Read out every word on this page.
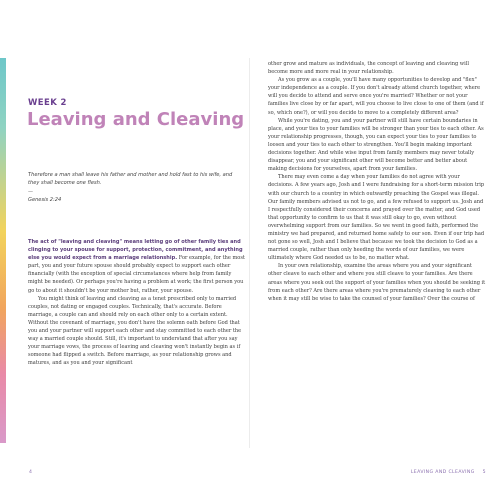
WEEK 2
Leaving and Cleaving

Therefore a man shall leave his father and mother and hold fast to his wife, and they shall become one flesh.

—
Genesis 2:24

The act of "leaving and cleaving" means letting go of other family ties and clinging to your spouse for support, protection, commitment, and anything else you would expect from a marriage relationship. For example, for the most part, you and your future spouse should probably expect to support each other financially (with the exception of special circumstances where help from family might be needed). Or perhaps you're having a problem at work; the first person you go to about it shouldn't be your mother but, rather, your spouse.

You might think of leaving and cleaving as a tenet prescribed only to married couples, not dating or engaged couples. Technically, that's accurate. Before marriage, a couple can and should rely on each other only to a certain extent. Without the covenant of marriage, you don't have the solemn oath before God that you and your partner will support each other and stay committed to each other the way a married couple should. Still, it's important to understand that after you say your marriage vows, the process of leaving and cleaving won't instantly begin as if someone had flipped a switch. Before marriage, as your relationship grows and matures, and as you and your significant

4

other grow and mature as individuals, the concept of leaving and cleaving will become more and more real in your relationship.

As you grow as a couple, you'll have many opportunities to develop and "flex" your independence as a couple. If you don't already attend church together, where will you decide to attend and serve once you're married? Whether or not your families live close by or far apart, will you choose to live close to one of them (and if so, which one?), or will you decide to move to a completely different area?

While you're dating, you and your partner will still have certain boundaries in place, and your ties to your families will be stronger than your ties to each other. As your relationship progresses, though, you can expect your ties to your families to loosen and your ties to each other to strengthen. You'll begin making important decisions together. And while wise input from family members may never totally disappear, you and your significant other will become better and better about making decisions for yourselves, apart from your families.

There may even come a day when your families do not agree with your decisions. A few years ago, Josh and I were fundraising for a short-term mission trip with our church to a country in which outwardly preaching the Gospel was illegal. Our family members advised us not to go, and a few refused to support us. Josh and I respectfully considered their concerns and prayed over the matter, and God used that opportunity to confirm to us that it was still okay to go, even without overwhelming support from our families. So we went in good faith, performed the ministry we had prepared, and returned home safely to our son. Even if our trip had not gone so well, Josh and I believe that because we took the decision to God as a married couple, rather than only heeding the words of our families, we were ultimately where God needed us to be, no matter what.

In your own relationship, examine the areas where you and your significant other cleave to each other and where you still cleave to your families. Are there areas where you seek out the support of your families when you should be seeking it from each other? Are there areas where you're prematurely cleaving to each other when it may still be wise to take the counsel of your families? Over the course of

LEAVING AND CLEAVING 5
